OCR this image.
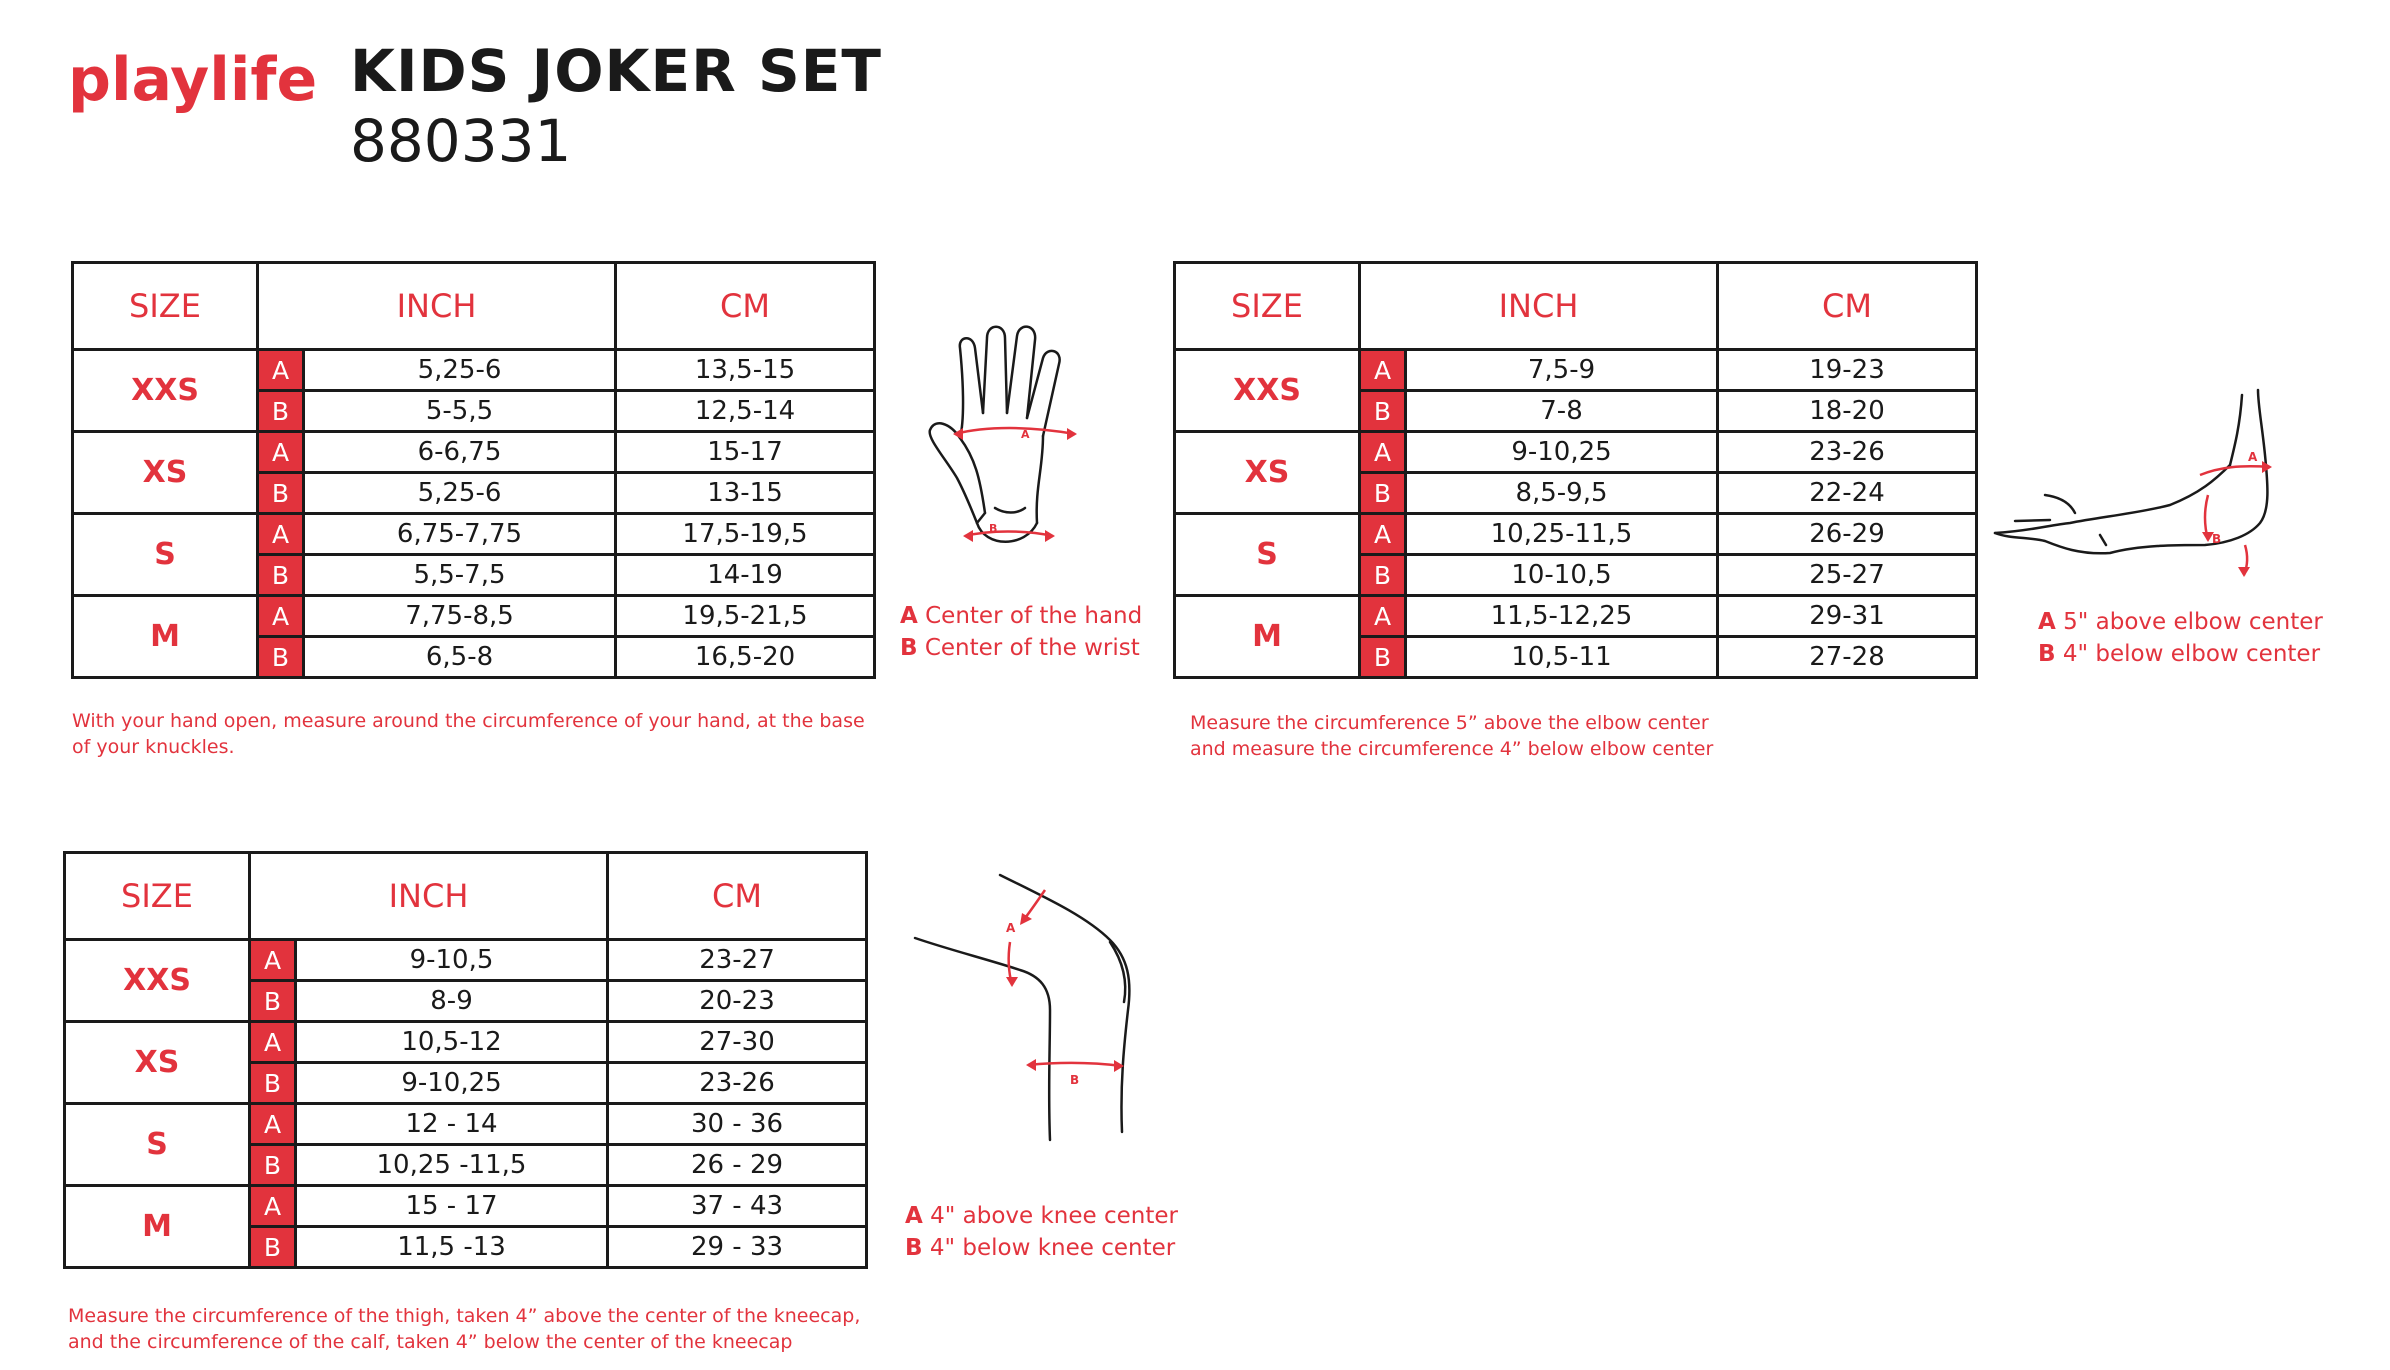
playlife KIDS JOKER SET
880331
SIZE	INCH		CM
XXS	A	5,25-6	13,5-15
	B	5-5,5	12,5-14
XS	A	6-6,75	15-17
	B	5,25-6	13-15
S	A	6,75-7,75	17,5-19,5
	B	5,5-7,5	14-19
M	A	7,75-8,5	19,5-21,5
	B	6,5-8	16,5-20
With your hand open, measure around the circumference of your hand, at the base
of your knuckles.
A
B
A Center of the hand
B Center of the wrist
SIZE	INCH		CM
XXS	A	7,5-9	19-23
	B	7-8	18-20
XS	A	9-10,25	23-26
	B	8,5-9,5	22-24
S	A	10,25-11,5	26-29
	B	10-10,5	25-27
M	A	11,5-12,25	29-31
	B	10,5-11	27-28
Measure the circumference 5” above the elbow center
and measure the circumference 4” below elbow center
A
B
A 5" above elbow center
B 4" below elbow center
SIZE	INCH		CM
XXS	A	9-10,5	23-27
	B	8-9	20-23
XS	A	10,5-12	27-30
	B	9-10,25	23-26
S	A	12 - 14	30 - 36
	B	10,25 -11,5	26 - 29
M	A	15 - 17	37 - 43
	B	11,5 -13	29 - 33
Measure the circumference of the thigh, taken 4” above the center of the kneecap,
and the circumference of the calf, taken 4” below the center of the kneecap
A
B
A 4" above knee center
B 4" below knee center
